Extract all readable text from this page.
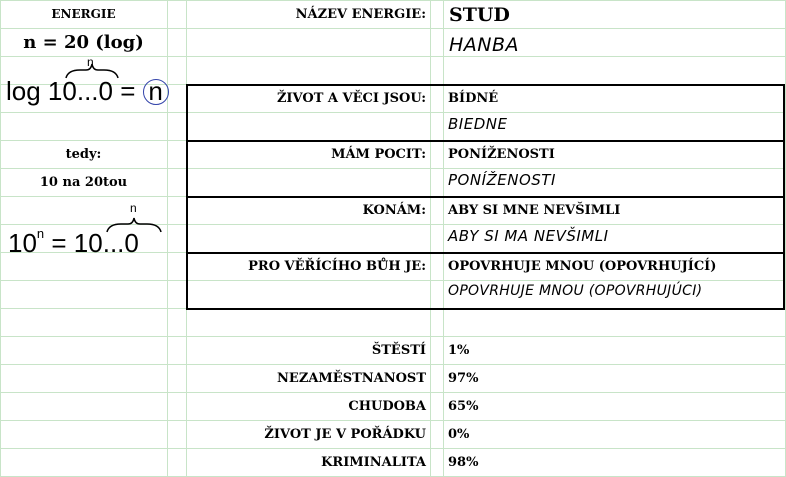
ENERGIE
n = 20 (log)
log 10...0 = n
n
tedy:
10 na 20tou
$10^n = 10...0$
n
NÁZEV ENERGIE: STUD
HANBA
ŽIVOT A VĚCI JSOU: BÍDNÉ
BIEDNE
MÁM POCIT: PONÍŽENOSTI
PONÍŽENOSTI
KONÁM: ABY SI MNE NEVŠIMLI
ABY SI MA NEVŠIMLI
PRO VĚŘÍCÍHO BŮH JE: OPOVRHUJE MNOU (OPOVRHUJÍCÍ)
OPOVRHUJE MNOU (OPOVRHUJÚCI)
ŠTĚSTÍ 1%
NEZAMĚSTNANOST 97%
CHUDOBA 65%
ŽIVOT JE V POŘÁDKU 0%
KRIMINALITA 98%
